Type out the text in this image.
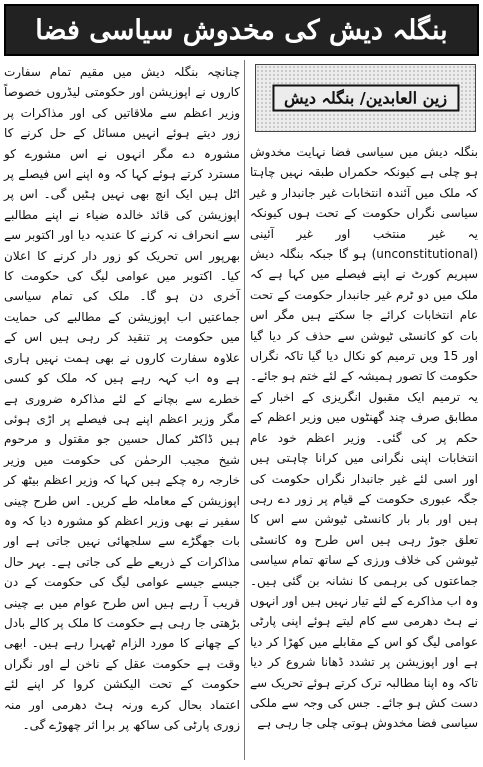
بنگلہ دیش کی مخدوش سیاسی فضا

چنانچہ بنگلہ دیش میں مقیم تمام سفارت کاروں نے اپوزیشن اور حکومتی لیڈروں خصوصاً وزیر اعظم سے ملاقاتیں کی اور مذاکرات پر زور دیتے ہوئے انہیں مسائل کے حل کرنے کا مشورہ دے مگر انہوں نے اس مشورے کو مسترد کرتے ہوئے کہا کہ وہ اپنے اس فیصلے پر اٹل ہیں ایک انچ بھی نہیں ہٹیں گی۔ اس پر اپوزیشن کی قائد خالدہ ضیاء نے اپنے مطالبے سے انحراف نہ کرنے کا عندیہ دیا اور اکتوبر سے بھرپور اس تحریک کو زور دار کرنے کا اعلان کیا۔ اکتوبر میں عوامی لیگ کی حکومت کا آخری دن ہو گا۔ ملک کی تمام سیاسی جماعتیں اب اپوزیشن کے مطالبے کی حمایت میں حکومت پر تنقید کر رہی ہیں اس کے علاوہ سفارت کاروں نے بھی ہمت نہیں ہاری ہے وہ اب کہہ رہے ہیں کہ ملک کو کسی خطرے سے بچانے کے لئے مذاکرہ ضروری ہے مگر وزیر اعظم اپنے ہی فیصلے پر اڑی ہوئی ہیں ڈاکٹر کمال حسین جو مقتول و مرحوم شیخ مجیب الرحمٰن کی حکومت میں وزیر خارجہ رہ چکے ہیں کہا کہ وزیر اعظم بیٹھ کر اپوزیشن کے معاملہ طے کریں۔ اس طرح چینی سفیر نے بھی وزیر اعظم کو مشورہ دیا کہ وہ بات جھگڑے سے سلجھائی نہیں جاتی ہے اور مذاکرات کے ذریعے طے کی جاتی ہے۔ بہر حال جیسے جیسے عوامی لیگ کی حکومت کے دن قریب آ رہے ہیں اس طرح عوام میں بے چینی بڑھتی جا رہی ہے حکومت کا ملک پر کالے بادل کے چھانے کا مورد الزام ٹھہرا رہے ہیں۔ ابھی وقت ہے حکومت عقل کے ناخن لے اور نگراں حکومت کے تحت الیکشن کروا کر اپنے لئے اعتماد بحال کرے ورنہ ہٹ دھرمی اور منہ زوری پارٹی کی ساکھ پر برا اثر چھوڑے گی۔

زین العابدین/ بنگلہ دیش

بنگلہ دیش میں سیاسی فضا نہایت مخدوش ہو چلی ہے کیونکہ حکمراں طبقہ نہیں چاہتا کہ ملک میں آئندہ انتخابات غیر جانبدار و غیر سیاسی نگراں حکومت کے تحت ہوں کیونکہ یہ غیر منتخب اور غیر آئینی (unconstitutional) ہو گا جبکہ بنگلہ دیش سپریم کورٹ نے اپنے فیصلے میں کہا ہے کہ ملک میں دو ٹرم غیر جانبدار حکومت کے تحت عام انتخابات کرائے جا سکتے ہیں مگر اس بات کو کانسٹی ٹیوشن سے حذف کر دیا گیا اور 15 ویں ترمیم کو نکال دیا گیا تاکہ نگراں حکومت کا تصور ہمیشہ کے لئے ختم ہو جائے۔ یہ ترمیم ایک مقبول انگریزی کے اخبار کے مطابق صرف چند گھنٹوں میں وزیر اعظم کے حکم پر کی گئی۔ وزیر اعظم خود عام انتخابات اپنی نگرانی میں کرانا چاہتی ہیں اور اسی لئے غیر جانبدار نگراں حکومت کی جگہ عبوری حکومت کے قیام پر زور دے رہی ہیں اور بار بار کانسٹی ٹیوشن سے اس کا تعلق جوڑ رہی ہیں اس طرح وہ کانسٹی ٹیوشن کی خلاف ورزی کے ساتھ تمام سیاسی جماعتوں کی برہمی کا نشانہ بن گئی ہیں۔ وہ اب مذاکرے کے لئے تیار نہیں ہیں اور انہوں نے ہٹ دھرمی سے کام لیتے ہوئے اپنی پارٹی عوامی لیگ کو اس کے مقابلے میں کھڑا کر دیا ہے اور اپوزیشن پر تشدد ڈھانا شروع کر دیا تاکہ وہ اپنا مطالبہ ترک کرتے ہوئے تحریک سے دست کش ہو جائے۔ جس کی وجہ سے ملکی سیاسی فضا مخدوش ہوتی چلی جا رہی ہے
